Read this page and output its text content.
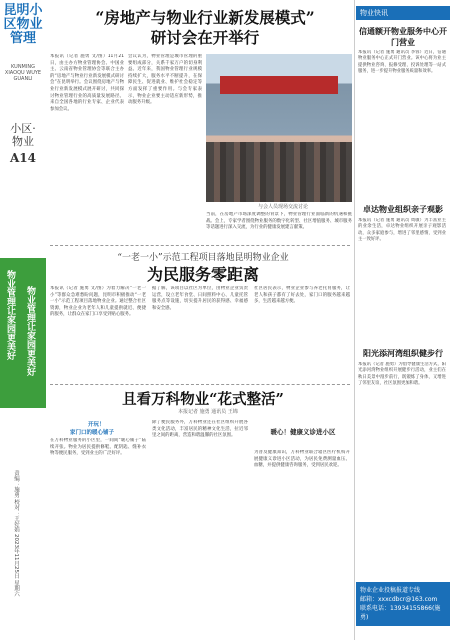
昆明小区物业管理
KUNMING XIAOQU WUYE GUANLI
小区·物业
A14
物业管理让家园更美好 物业管理让家园更美好
责编：施勇 校对：王好娟 2023年11月25日 星期六
“房地产与物业行业新发展模式”
研讨会在开举行
本报讯（记者 施勇 文/图）11月21日，由主办方物业管理协会、中国业主、云南省物业管理协会等联合主办的“房地产与物业行业新发展模式研讨会”在昆明举行。会议围绕房地产与物业行业新发展模式展开研讨，共同探讨物业管理行业的高质量发展路径。来自全国各地的行业专家、企业代表参加会议。
会议认为，物业管理是城市管理的重要组成部分，关系千家万户的切身利益。近年来，我国物业管理行业规模持续扩大，服务水平不断提升，在保障民生、促进就业、维护社会稳定等方面发挥了重要作用。与会专家表示，物业企业要主动适应新形势，推动服务升级。
与会人员现场交流讨论
当前，在房地产市场深度调整的背景下，物业管理行业面临新的机遇和挑战。会上，专家学者围绕物业服务的数字化转型、社区增值服务、城市服务等话题进行深入交流，为行业的健康发展建言献策。
“一老一小”示范工程项目落地昆明物业企业
为民服务零距离
本报讯（记者 施勇 文/图）为着力解决“一老一小”等群众急难愁盼问题，昆明市积极推动“一老一小”示范工程项目落地物业企业。通过整合社区资源，物业企业为老年人和儿童提供就近、便捷的服务，让群众在家门口享受到贴心服务。
据了解，该项目以社区为单位，由物业企业负责运营，设立老年食堂、日间照料中心、儿童托管服务点等设施，切实提升居民的获得感、幸福感和安全感。
社区居民表示，物业企业参与养老托育服务，让老人和孩子都有了好去处，家门口的服务越来越多，生活越来越方便。
且看万科物业“花式整活”
本报记者 施勇 通讯员 王锦
开玩！
家门口的暖心铺子
在万科物业服务的小区里，一间间“暖心铺子”陆续开张。物业为居民提供修鞋、配钥匙、缝补衣物等便民服务，受到业主的广泛好评。
除了便民服务外，万科物业还在社区组织开展各类文化活动，丰富居民的精神文化生活，拉近邻里之间的距离，营造和谐温馨的社区氛围。	暖心！健康义诊进小区
为普及健康知识，万科物业联合辖区医疗机构开展健康义诊进小区活动，为居民免费测量血压、血糖，并提供健康咨询服务，受到居民欢迎。
物业快讯
信通额开物业服务中心开门营业
本报讯（记者 施勇 通讯员 李蓉）近日，信通物业服务中心正式开门营业。该中心将为业主提供物业咨询、报修受理、投诉处理等一站式服务，进一步提升物业服务质量和效率。
卓达物业组织亲子观影
本报讯（记者 施勇 通讯员 周敏）为丰富业主的业余生活，卓达物业组织开展亲子观影活动，众多家庭参与，增进了邻里感情，受到业主一致好评。
阳光添河湾组织健步行
本报讯（记者 施勇）为倡导健康生活方式，阳光添河湾物业组织开展健步行活动，业主们在秋日美景中漫步前行，既锻炼了身体，又增进了邻里友谊，社区氛围更加和谐。
物业企业投稿报道专线
邮箱：xxxcdbcr@163.com
联系电话：13934155866(施勇)
